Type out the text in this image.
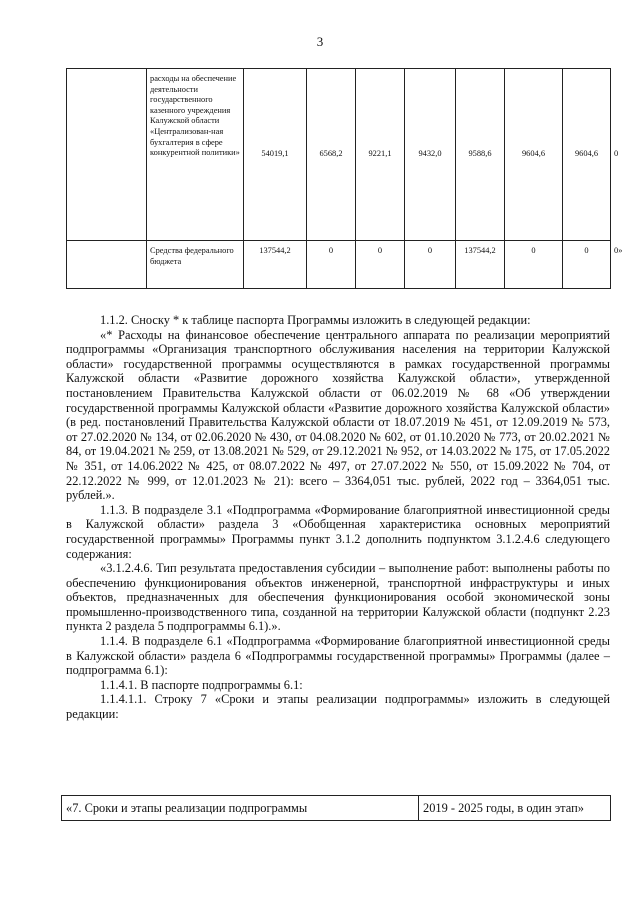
3
	расходы на обеспечение деятельности государственного казенного учреждения Калужской области «Централизован-ная бухгалтерия в сфере конкурентной политики»	54019,1	6568,2	9221,1	9432,0	9588,6	9604,6	9604,6	0
	Средства федерального бюджета	137544,2	0	0	0	137544,2	0	0	0»

1.1.2. Сноску * к таблице паспорта Программы изложить в следующей редакции:

«* Расходы на финансовое обеспечение центрального аппарата по реализации мероприятий подпрограммы «Организация транспортного обслуживания населения на территории Калужской области» государственной программы осуществляются в рамках государственной программы Калужской области «Развитие дорожного хозяйства Калужской области», утвержденной постановлением Правительства Калужской области от 06.02.2019 № 68 «Об утверждении государственной программы Калужской области «Развитие дорожного хозяйства Калужской области» (в ред. постановлений Правительства Калужской области от 18.07.2019 № 451, от 12.09.2019 № 573, от 27.02.2020 № 134, от 02.06.2020 № 430, от 04.08.2020 № 602, от 01.10.2020 № 773, от 20.02.2021 № 84, от 19.04.2021 № 259, от 13.08.2021 № 529, от 29.12.2021 № 952, от 14.03.2022 № 175, от 17.05.2022 № 351, от 14.06.2022 № 425, от 08.07.2022 № 497, от 27.07.2022 № 550, от 15.09.2022 № 704, от 22.12.2022 № 999, от 12.01.2023 № 21): всего – 3364,051 тыс. рублей, 2022 год – 3364,051 тыс. рублей.».

1.1.3. В подразделе 3.1 «Подпрограмма «Формирование благоприятной инвестиционной среды в Калужской области» раздела 3 «Обобщенная характеристика основных мероприятий государственной программы» Программы пункт 3.1.2 дополнить подпунктом 3.1.2.4.6 следующего содержания:

«3.1.2.4.6. Тип результата предоставления субсидии – выполнение работ: выполнены работы по обеспечению функционирования объектов инженерной, транспортной инфраструктуры и иных объектов, предназначенных для обеспечения функционирования особой экономической зоны промышленно-производственного типа, созданной на территории Калужской области (подпункт 2.23 пункта 2 раздела 5 подпрограммы 6.1).».

1.1.4. В подразделе 6.1 «Подпрограмма «Формирование благоприятной инвестиционной среды в Калужской области» раздела 6 «Подпрограммы государственной программы» Программы (далее – подпрограмма 6.1):

1.1.4.1. В паспорте подпрограммы 6.1:

1.1.4.1.1. Строку 7 «Сроки и этапы реализации подпрограммы» изложить в следующей редакции:

«7. Сроки и этапы реализации подпрограммы	2019 - 2025 годы, в один этап»
